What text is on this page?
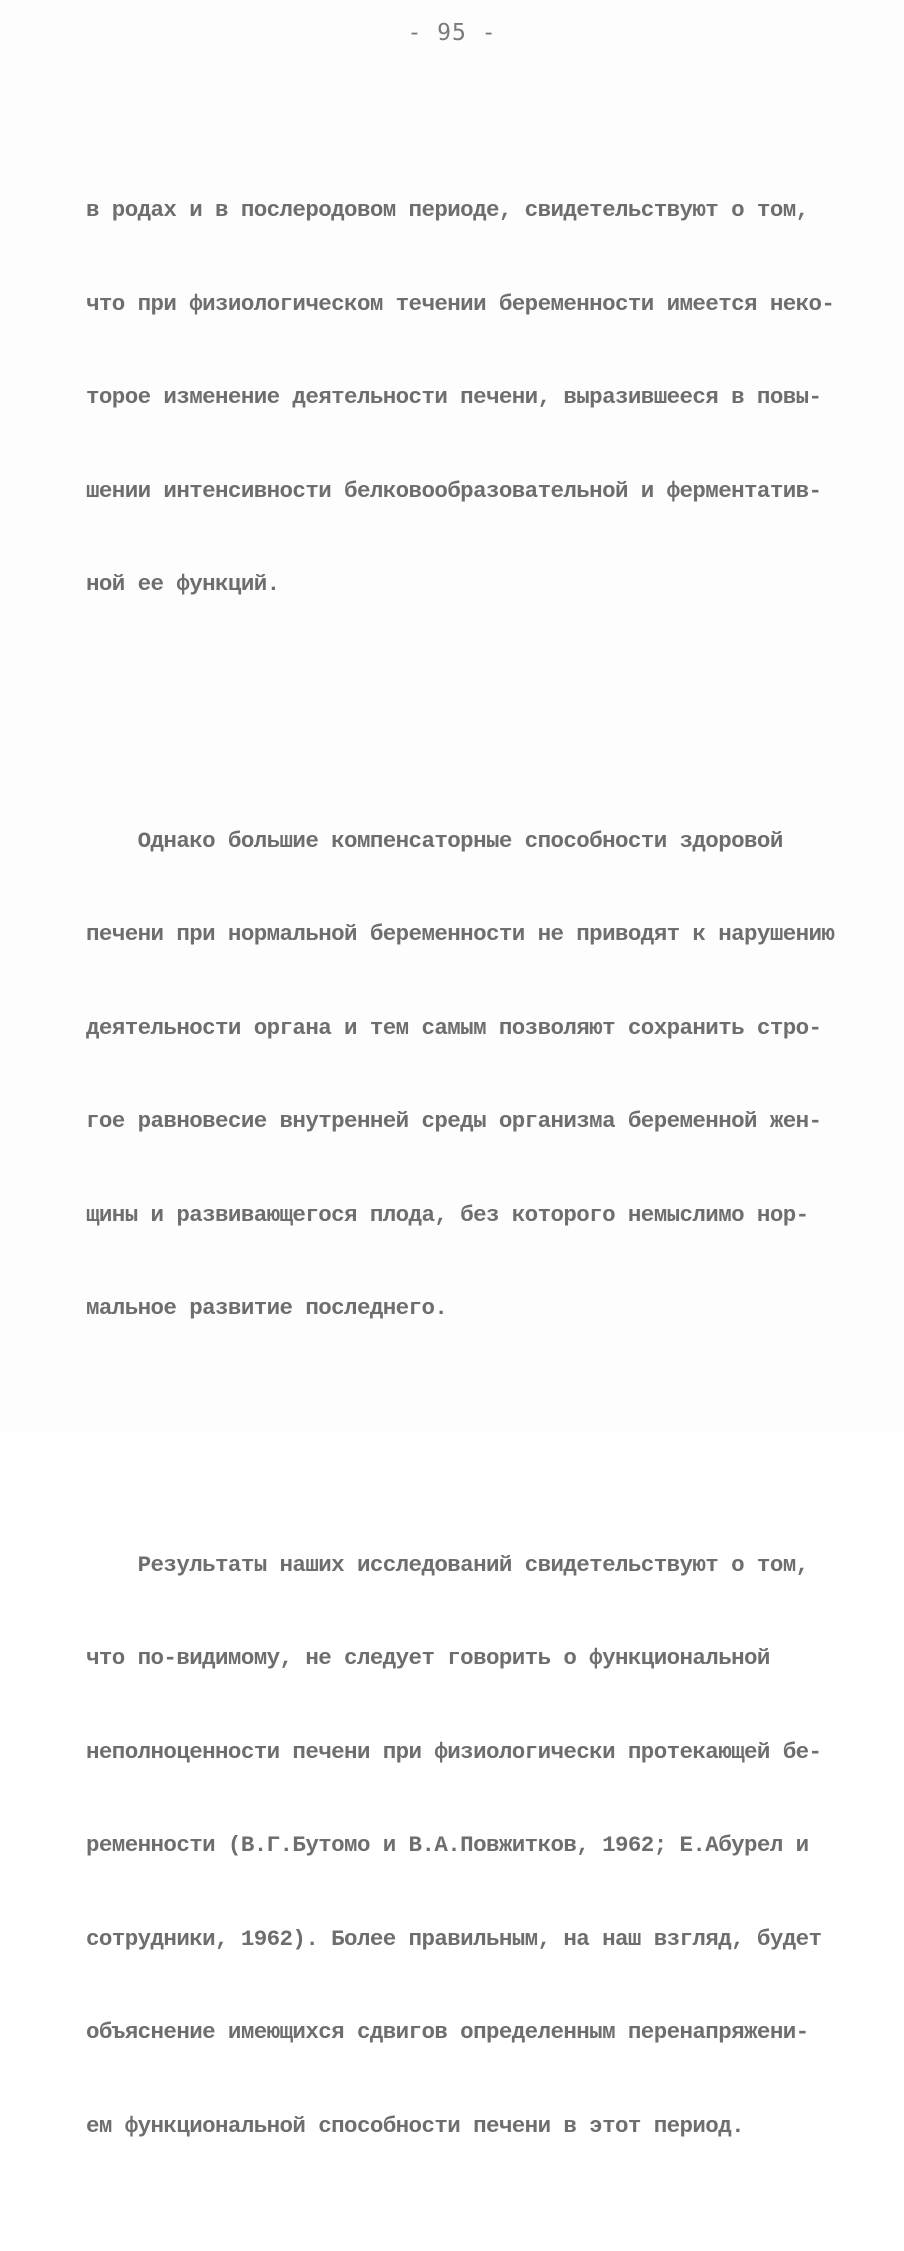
- 95 -

в родах и в послеродовом периоде, свидетельствуют о том,

что при физиологическом течении беременности имеется неко-

торое изменение деятельности печени, выразившееся в повы-

шении интенсивности белковообразовательной и ферментатив-

ной ее функций.

Однако большие компенсаторные способности здоровой

печени при нормальной беременности не приводят к нарушению

деятельности органа и тем самым позволяют сохранить стро-

гое равновесие внутренней среды организма беременной жен-

щины и развивающегося плода, без которого немыслимо нор-

мальное развитие последнего.

Результаты наших исследований свидетельствуют о том,

что по-видимому, не следует говорить о функциональной

неполноценности печени при физиологически протекающей бе-

ременности (В.Г.Бутомо и В.А.Повжитков, 1962; Е.Абурел и

сотрудники, 1962). Более правильным, на наш взгляд, будет

объяснение имеющихся сдвигов определенным перенапряжени-

ем функциональной способности печени в этот период.
